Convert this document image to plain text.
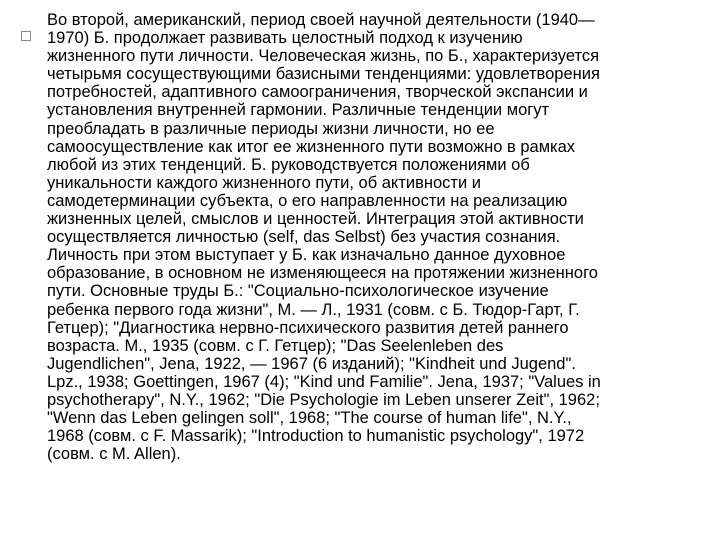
Во второй, американский, период своей научной деятельности (1940—
1970) Б. продолжает развивать целостный подход к изучению
жизненного пути личности. Человеческая жизнь, по Б., характеризуется
четырьмя сосуществующими базисными тенденциями: удовлетворения
потребностей, адаптивного самоограничения, творческой экспансии и
установления внутренней гармонии. Различные тенденции могут
преобладать в различные периоды жизни личности, но ее
самоосуществление как итог ее жизненного пути возможно в рамках
любой из этих тенденций. Б. руководствуется положениями об
уникальности каждого жизненного пути, об активности и
самодетерминации субъекта, о его направленности на реализацию
жизненных целей, смыслов и ценностей. Интеграция этой активности
осуществляется личностью (self, das Selbst) без участия сознания.
Личность при этом выступает у Б. как изначально данное духовное
образование, в основном не изменяющееся на протяжении жизненного
пути. Основные труды Б.: "Социально-психологическое изучение
ребенка первого года жизни", М. — Л., 1931 (совм. с Б. Тюдор-Гарт, Г.
Гетцер); "Диагностика нервно-психического развития детей раннего
возраста. М., 1935 (совм. с Г. Гетцер); "Das Seelenleben des
Jugendlichen", Jena, 1922, — 1967 (6 изданий); "Kindheit und Jugend".
Lpz., 1938; Goettingen, 1967 (4); "Kind und Familie". Jena, 1937; "Values in
psychotherapy", N.Y., 1962; "Die Psychologie im Leben unserer Zeit", 1962;
"Wenn das Leben gelingen soll", 1968; "The course of human life", N.Y.,
1968 (совм. с F. Massarik); "Introduction to humanistic psychology", 1972
(совм. с M. Allen).
